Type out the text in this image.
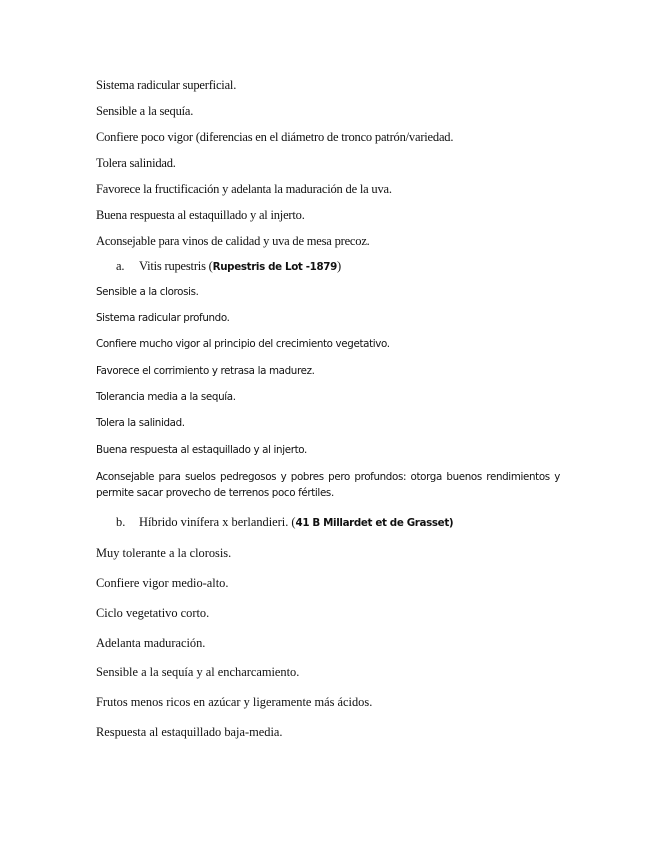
Sistema radicular superficial.

Sensible a la sequía.

Confiere poco vigor (diferencias en el diámetro de tronco patrón/variedad.

Tolera salinidad.

Favorece la fructificación y adelanta la maduración de la uva.

Buena respuesta al estaquillado y al injerto.

Aconsejable para vinos de calidad y uva de mesa precoz.

a. Vitis rupestris (Rupestris de Lot -1879)

Sensible a la clorosis.

Sistema radicular profundo.

Confiere mucho vigor al principio del crecimiento vegetativo.

Favorece el corrimiento y retrasa la madurez.

Tolerancia media a la sequía.

Tolera la salinidad.

Buena respuesta al estaquillado y al injerto.

Aconsejable para suelos pedregosos y pobres pero profundos: otorga buenos rendimientos y permite sacar provecho de terrenos poco fértiles.

b. Híbrido vinífera x berlandieri. (41 B Millardet et de Grasset)

Muy tolerante a la clorosis.

Confiere vigor medio-alto.

Ciclo vegetativo corto.

Adelanta maduración.

Sensible a la sequía y al encharcamiento.

Frutos menos ricos en azúcar y ligeramente más ácidos.

Respuesta al estaquillado baja-media.
